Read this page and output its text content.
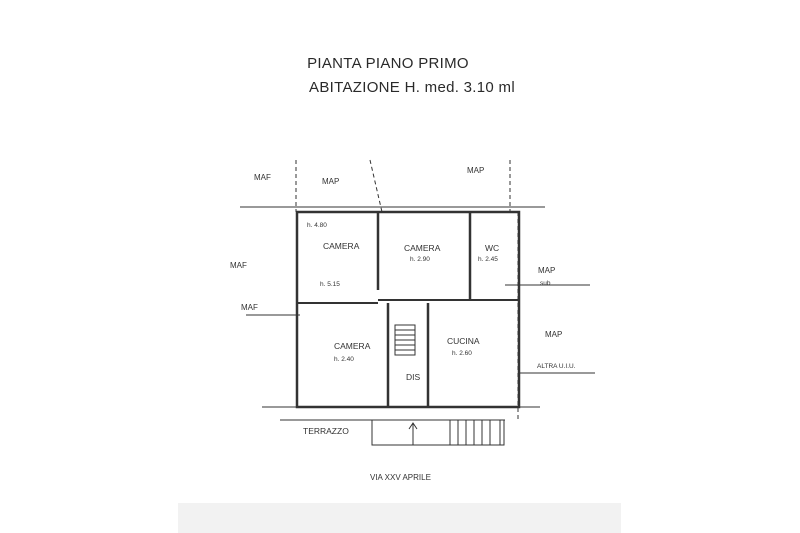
PIANTA PIANO PRIMO
ABITAZIONE H. med. 3.10 ml
MAF	MAP
MAP
MAF
MAF
MAP
sub
MAP
ALTRA U.I.U.
h. 4.80
CAMERA
h. 5.15
CAMERA
h. 2.90
WC
h. 2.45
CAMERA
h. 2.40
CUCINA
h. 2.60
DIS
TERRAZZO
VIA XXV APRILE
